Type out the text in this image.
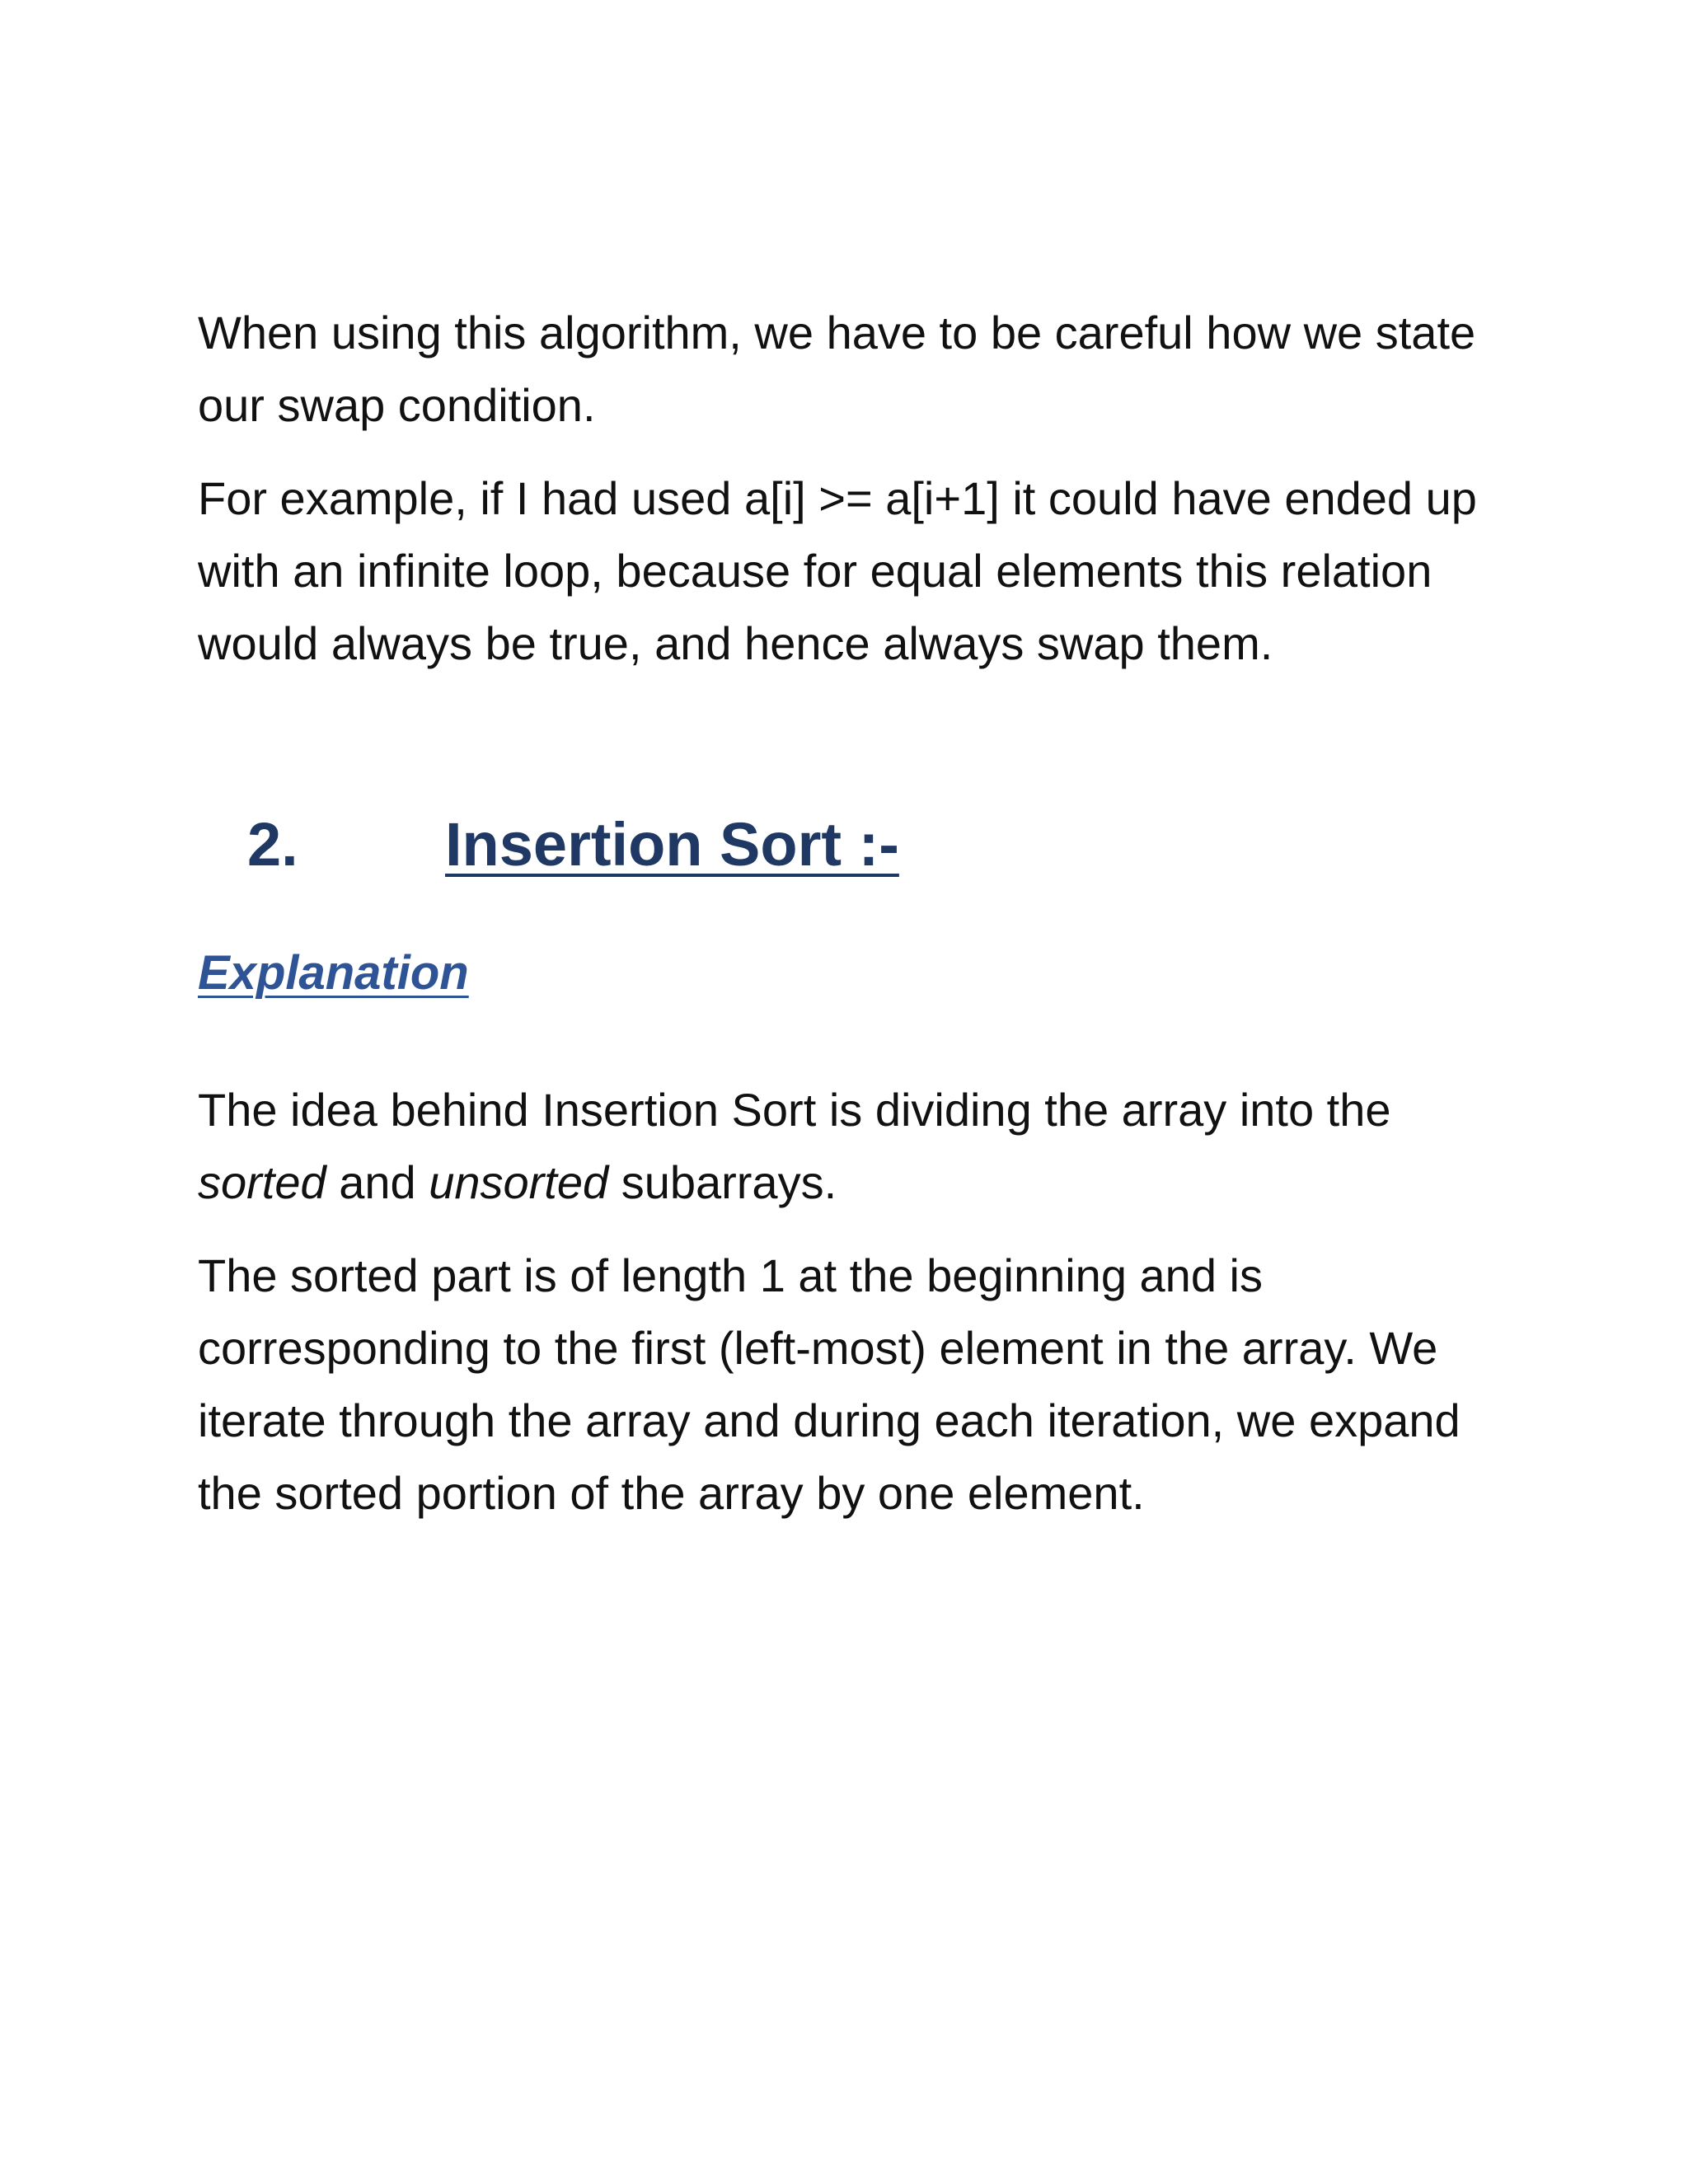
When using this algorithm, we have to be careful how we state our swap condition.

For example, if I had used a[i] >= a[i+1] it could have ended up with an infinite loop, because for equal elements this relation would always be true, and hence always swap them.

2.	Insertion Sort :-
Explanation

The idea behind Insertion Sort is dividing the array into the sorted and unsorted subarrays.

The sorted part is of length 1 at the beginning and is corresponding to the first (left-most) element in the array. We iterate through the array and during each iteration, we expand the sorted portion of the array by one element.
